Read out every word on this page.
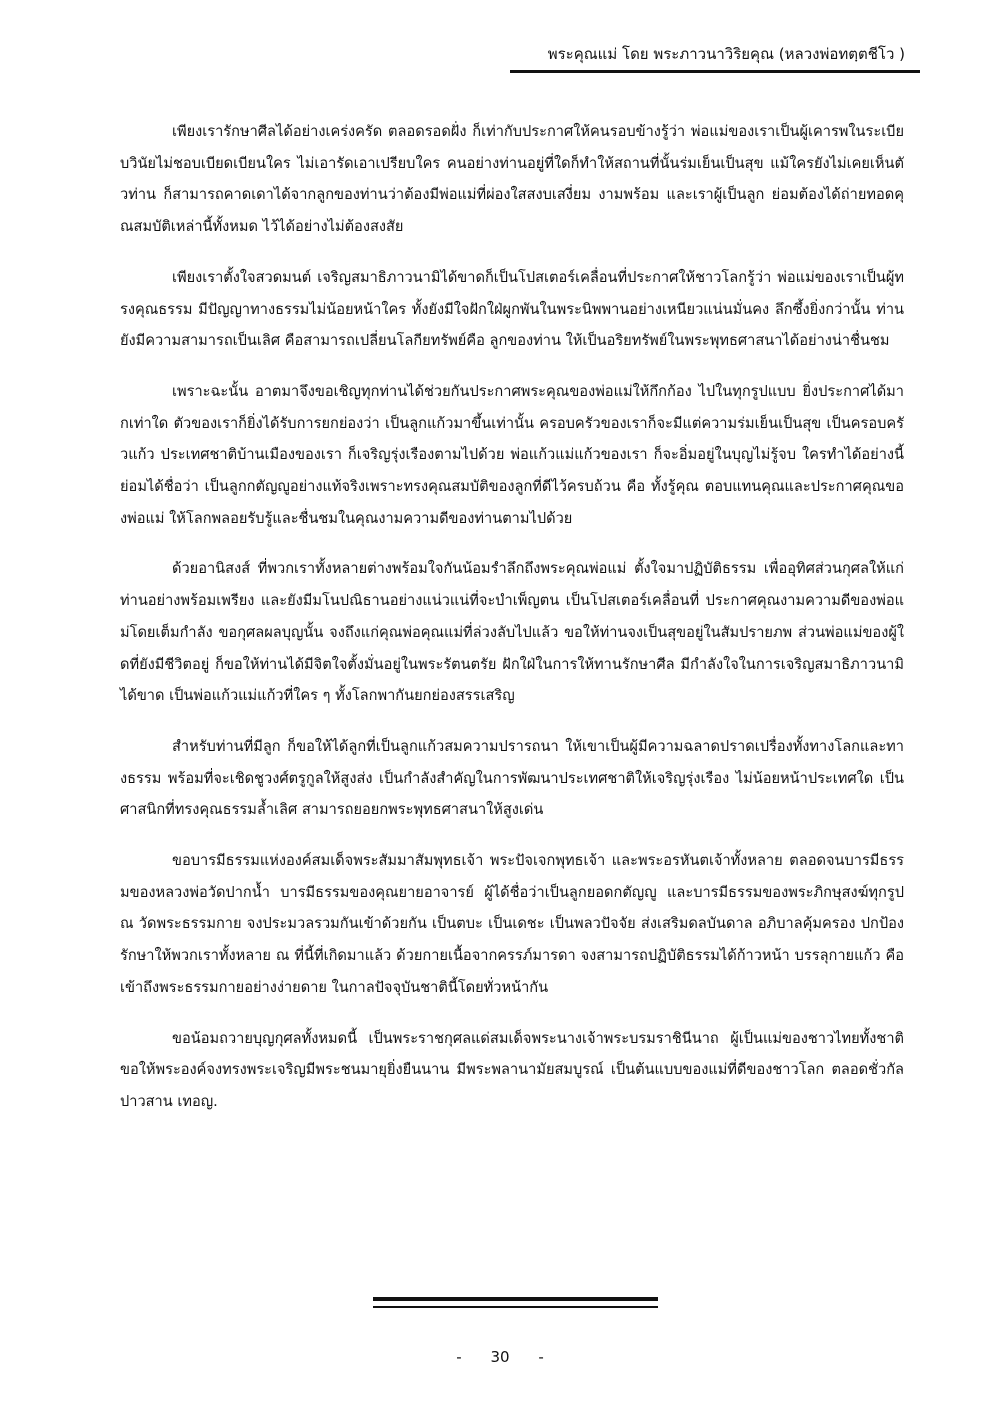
พระคุณแม่ โดย พระภาวนาวิริยคุณ (หลวงพ่อทตฺตชีโว )

เพียงเรารักษาศีลได้อย่างเคร่งครัด ตลอดรอดฝั่ง ก็เท่ากับประกาศให้คนรอบข้างรู้ว่า พ่อแม่ของเราเป็นผู้เคารพในระเบียบวินัยไม่ชอบเบียดเบียนใคร ไม่เอารัดเอาเปรียบใคร คนอย่างท่านอยู่ที่ใดก็ทำให้สถานที่นั้นร่มเย็นเป็นสุข แม้ใครยังไม่เคยเห็นตัวท่าน ก็สามารถคาดเดาได้จากลูกของท่านว่าต้องมีพ่อแม่ที่ผ่องใสสงบเสงี่ยม งามพร้อม และเราผู้เป็นลูก ย่อมต้องได้ถ่ายทอดคุณสมบัติเหล่านี้ทั้งหมด ไว้ได้อย่างไม่ต้องสงสัย

เพียงเราตั้งใจสวดมนต์ เจริญสมาธิภาวนามิได้ขาดก็เป็นโปสเตอร์เคลื่อนที่ประกาศให้ชาวโลกรู้ว่า พ่อแม่ของเราเป็นผู้ทรงคุณธรรม มีปัญญาทางธรรมไม่น้อยหน้าใคร ทั้งยังมีใจฝักใฝ่ผูกพันในพระนิพพานอย่างเหนียวแน่นมั่นคง ลึกซึ้งยิ่งกว่านั้น ท่านยังมีความสามารถเป็นเลิศ คือสามารถเปลี่ยนโลกียทรัพย์คือ ลูกของท่าน ให้เป็นอริยทรัพย์ในพระพุทธศาสนาได้อย่างน่าชื่นชม

เพราะฉะนั้น อาตมาจึงขอเชิญทุกท่านได้ช่วยกันประกาศพระคุณของพ่อแม่ให้กึกก้อง ไปในทุกรูปแบบ ยิ่งประกาศได้มากเท่าใด ตัวของเราก็ยิ่งได้รับการยกย่องว่า เป็นลูกแก้วมาขึ้นเท่านั้น ครอบครัวของเราก็จะมีแต่ความร่มเย็นเป็นสุข เป็นครอบครัวแก้ว ประเทศชาติบ้านเมืองของเรา ก็เจริญรุ่งเรืองตามไปด้วย พ่อแก้วแม่แก้วของเรา ก็จะอิ่มอยู่ในบุญไม่รู้จบ ใครทำได้อย่างนี้ย่อมได้ชื่อว่า เป็นลูกกตัญญูอย่างแท้จริงเพราะทรงคุณสมบัติของลูกที่ดีไว้ครบถ้วน คือ ทั้งรู้คุณ ตอบแทนคุณและประกาศคุณของพ่อแม่ ให้โลกพลอยรับรู้และชื่นชมในคุณงามความดีของท่านตามไปด้วย

ด้วยอานิสงส์ ที่พวกเราทั้งหลายต่างพร้อมใจกันน้อมรำลึกถึงพระคุณพ่อแม่ ตั้งใจมาปฏิบัติธรรม เพื่ออุทิศส่วนกุศลให้แก่ท่านอย่างพร้อมเพรียง และยังมีมโนปณิธานอย่างแน่วแน่ที่จะบำเพ็ญตน เป็นโปสเตอร์เคลื่อนที่ ประกาศคุณงามความดีของพ่อแม่โดยเต็มกำลัง ขอกุศลผลบุญนั้น จงถึงแก่คุณพ่อคุณแม่ที่ล่วงลับไปแล้ว ขอให้ท่านจงเป็นสุขอยู่ในสัมปรายภพ ส่วนพ่อแม่ของผู้ใดที่ยังมีชีวิตอยู่ ก็ขอให้ท่านได้มีจิตใจตั้งมั่นอยู่ในพระรัตนตรัย ฝักใฝ่ในการให้ทานรักษาศีล มีกำลังใจในการเจริญสมาธิภาวนามิได้ขาด เป็นพ่อแก้วแม่แก้วที่ใคร ๆ ทั้งโลกพากันยกย่องสรรเสริญ

สำหรับท่านที่มีลูก ก็ขอให้ได้ลูกที่เป็นลูกแก้วสมความปรารถนา ให้เขาเป็นผู้มีความฉลาดปราดเปรื่องทั้งทางโลกและทางธรรม พร้อมที่จะเชิดชูวงศ์ตรูกูลให้สูงส่ง เป็นกำลังสำคัญในการพัฒนาประเทศชาติให้เจริญรุ่งเรือง ไม่น้อยหน้าประเทศใด เป็นศาสนิกที่ทรงคุณธรรมล้ำเลิศ สามารถยอยกพระพุทธศาสนาให้สูงเด่น

ขอบารมีธรรมแห่งองค์สมเด็จพระสัมมาสัมพุทธเจ้า พระปัจเจกพุทธเจ้า และพระอรหันตเจ้าทั้งหลาย ตลอดจนบารมีธรรมของหลวงพ่อวัดปากน้ำ บารมีธรรมของคุณยายอาจารย์ ผู้ได้ชื่อว่าเป็นลูกยอดกตัญญู และบารมีธรรมของพระภิกษุสงฆ์ทุกรูป ณ วัดพระธรรมกาย จงประมวลรวมกันเข้าด้วยกัน เป็นตบะ เป็นเดชะ เป็นพลวปัจจัย ส่งเสริมดลบันดาล อภิบาลคุ้มครอง ปกป้องรักษาให้พวกเราทั้งหลาย ณ ที่นี้ที่เกิดมาแล้ว ด้วยกายเนื้อจากครรภ์มารดา จงสามารถปฏิบัติธรรมได้ก้าวหน้า บรรลุกายแก้ว คือเข้าถึงพระธรรมกายอย่างง่ายดาย ในกาลปัจจุบันชาตินี้โดยทั่วหน้ากัน

ขอน้อมถวายบุญกุศลทั้งหมดนี้ เป็นพระราชกุศลแด่สมเด็จพระนางเจ้าพระบรมราชินีนาถ ผู้เป็นแม่ของชาวไทยทั้งชาติ ขอให้พระองค์จงทรงพระเจริญมีพระชนมายุยิ่งยืนนาน มีพระพลานามัยสมบูรณ์ เป็นต้นแบบของแม่ที่ดีของชาวโลก ตลอดชั่วกัลปาวสาน เทอญ.

- 30 -
